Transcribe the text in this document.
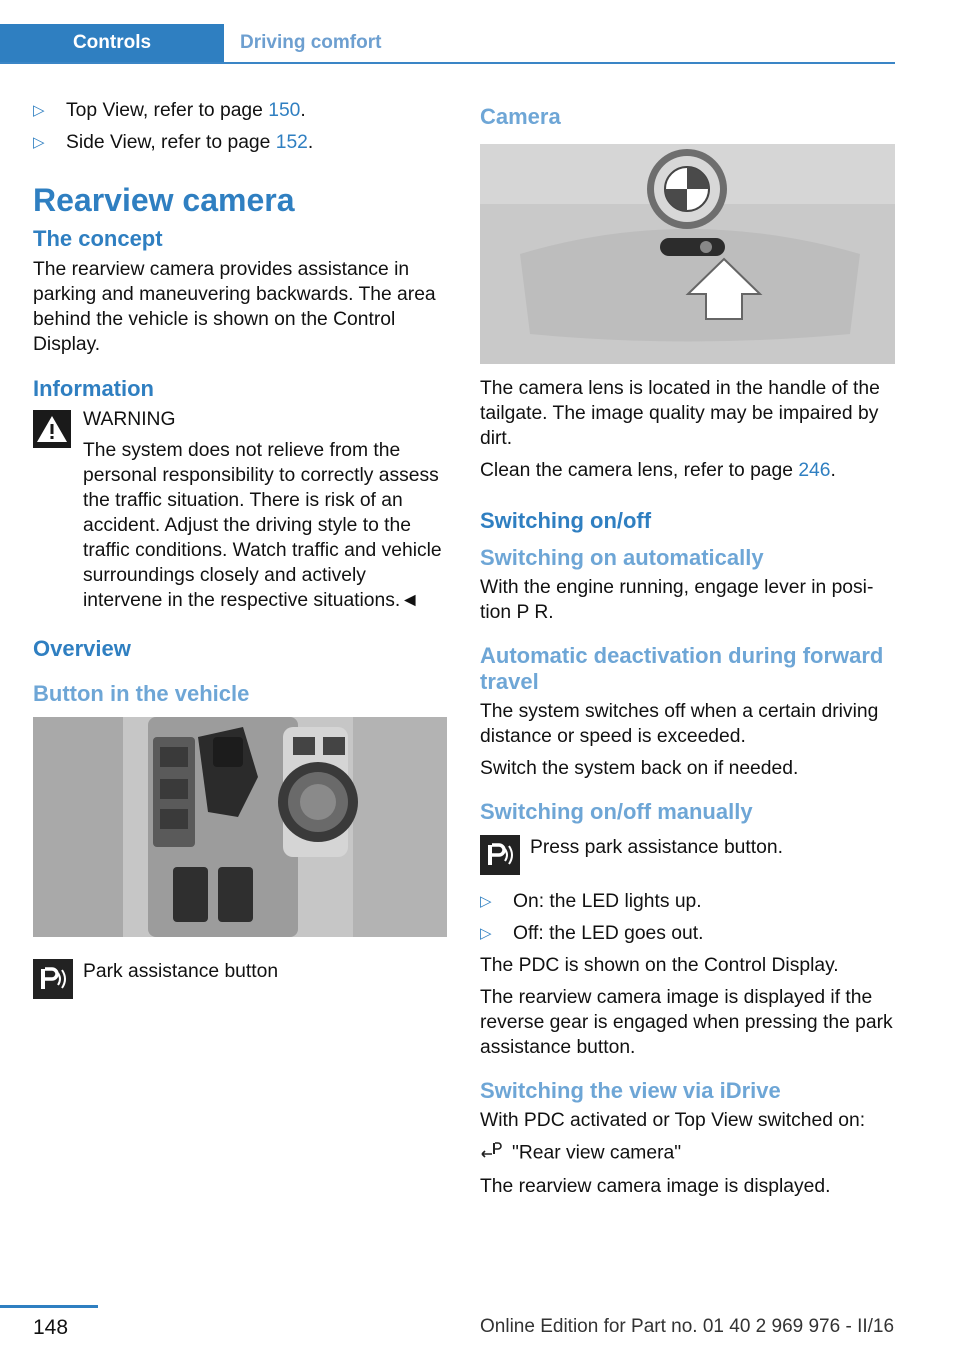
Controls	Driving comfort
▷ Top View, refer to page 150.
▷ Side View, refer to page 152.
Rearview camera
The concept

The rearview camera provides assistance in parking and maneuvering backwards. The area behind the vehicle is shown on the Control Display.

Information

WARNING

The system does not relieve from the personal responsibility to correctly assess the traffic situation. There is risk of an accident. Adjust the driving style to the traffic conditions. Watch traffic and vehicle surroundings closely and actively intervene in the respective situations.◄

Overview
Button in the vehicle
Park assistance button
Camera

The camera lens is located in the handle of the tailgate. The image quality may be impaired by dirt.

Clean the camera lens, refer to page 246.

Switching on/off
Switching on automatically

With the engine running, engage lever in position P R.

Automatic deactivation during forward travel

The system switches off when a certain driving distance or speed is exceeded.

Switch the system back on if needed.

Switching on/off manually
Press park assistance button.
▷ On: the LED lights up.
▷ Off: the LED goes out.

The PDC is shown on the Control Display.

The rearview camera image is displayed if the reverse gear is engaged when pressing the park assistance button.

Switching the view via iDrive

With PDC activated or Top View switched on:

"Rear view camera"

The rearview camera image is displayed.

148	Online Edition for Part no. 01 40 2 969 976 - II/16
